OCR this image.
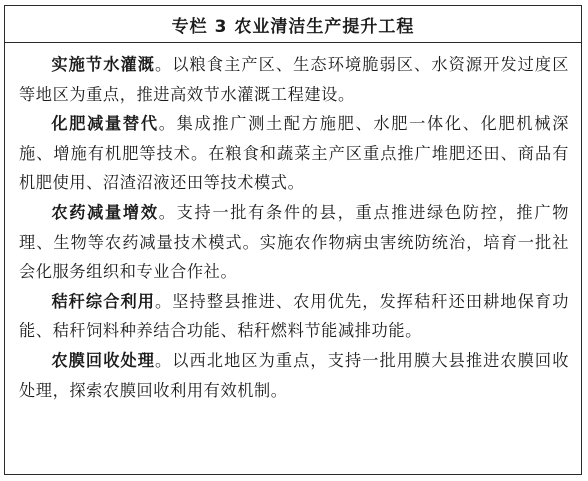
专栏 3 农业清洁生产提升工程

实施节水灌溉。以粮食主产区、生态环境脆弱区、水资源开发过度区等地区为重点，推进高效节水灌溉工程建设。

化肥减量替代。集成推广测土配方施肥、水肥一体化、化肥机械深施、增施有机肥等技术。在粮食和蔬菜主产区重点推广堆肥还田、商品有机肥使用、沼渣沼液还田等技术模式。

农药减量增效。支持一批有条件的县，重点推进绿色防控，推广物理、生物等农药减量技术模式。实施农作物病虫害统防统治，培育一批社会化服务组织和专业合作社。

秸秆综合利用。坚持整县推进、农用优先，发挥秸秆还田耕地保育功能、秸秆饲料种养结合功能、秸秆燃料节能减排功能。

农膜回收处理。以西北地区为重点，支持一批用膜大县推进农膜回收处理，探索农膜回收利用有效机制。
